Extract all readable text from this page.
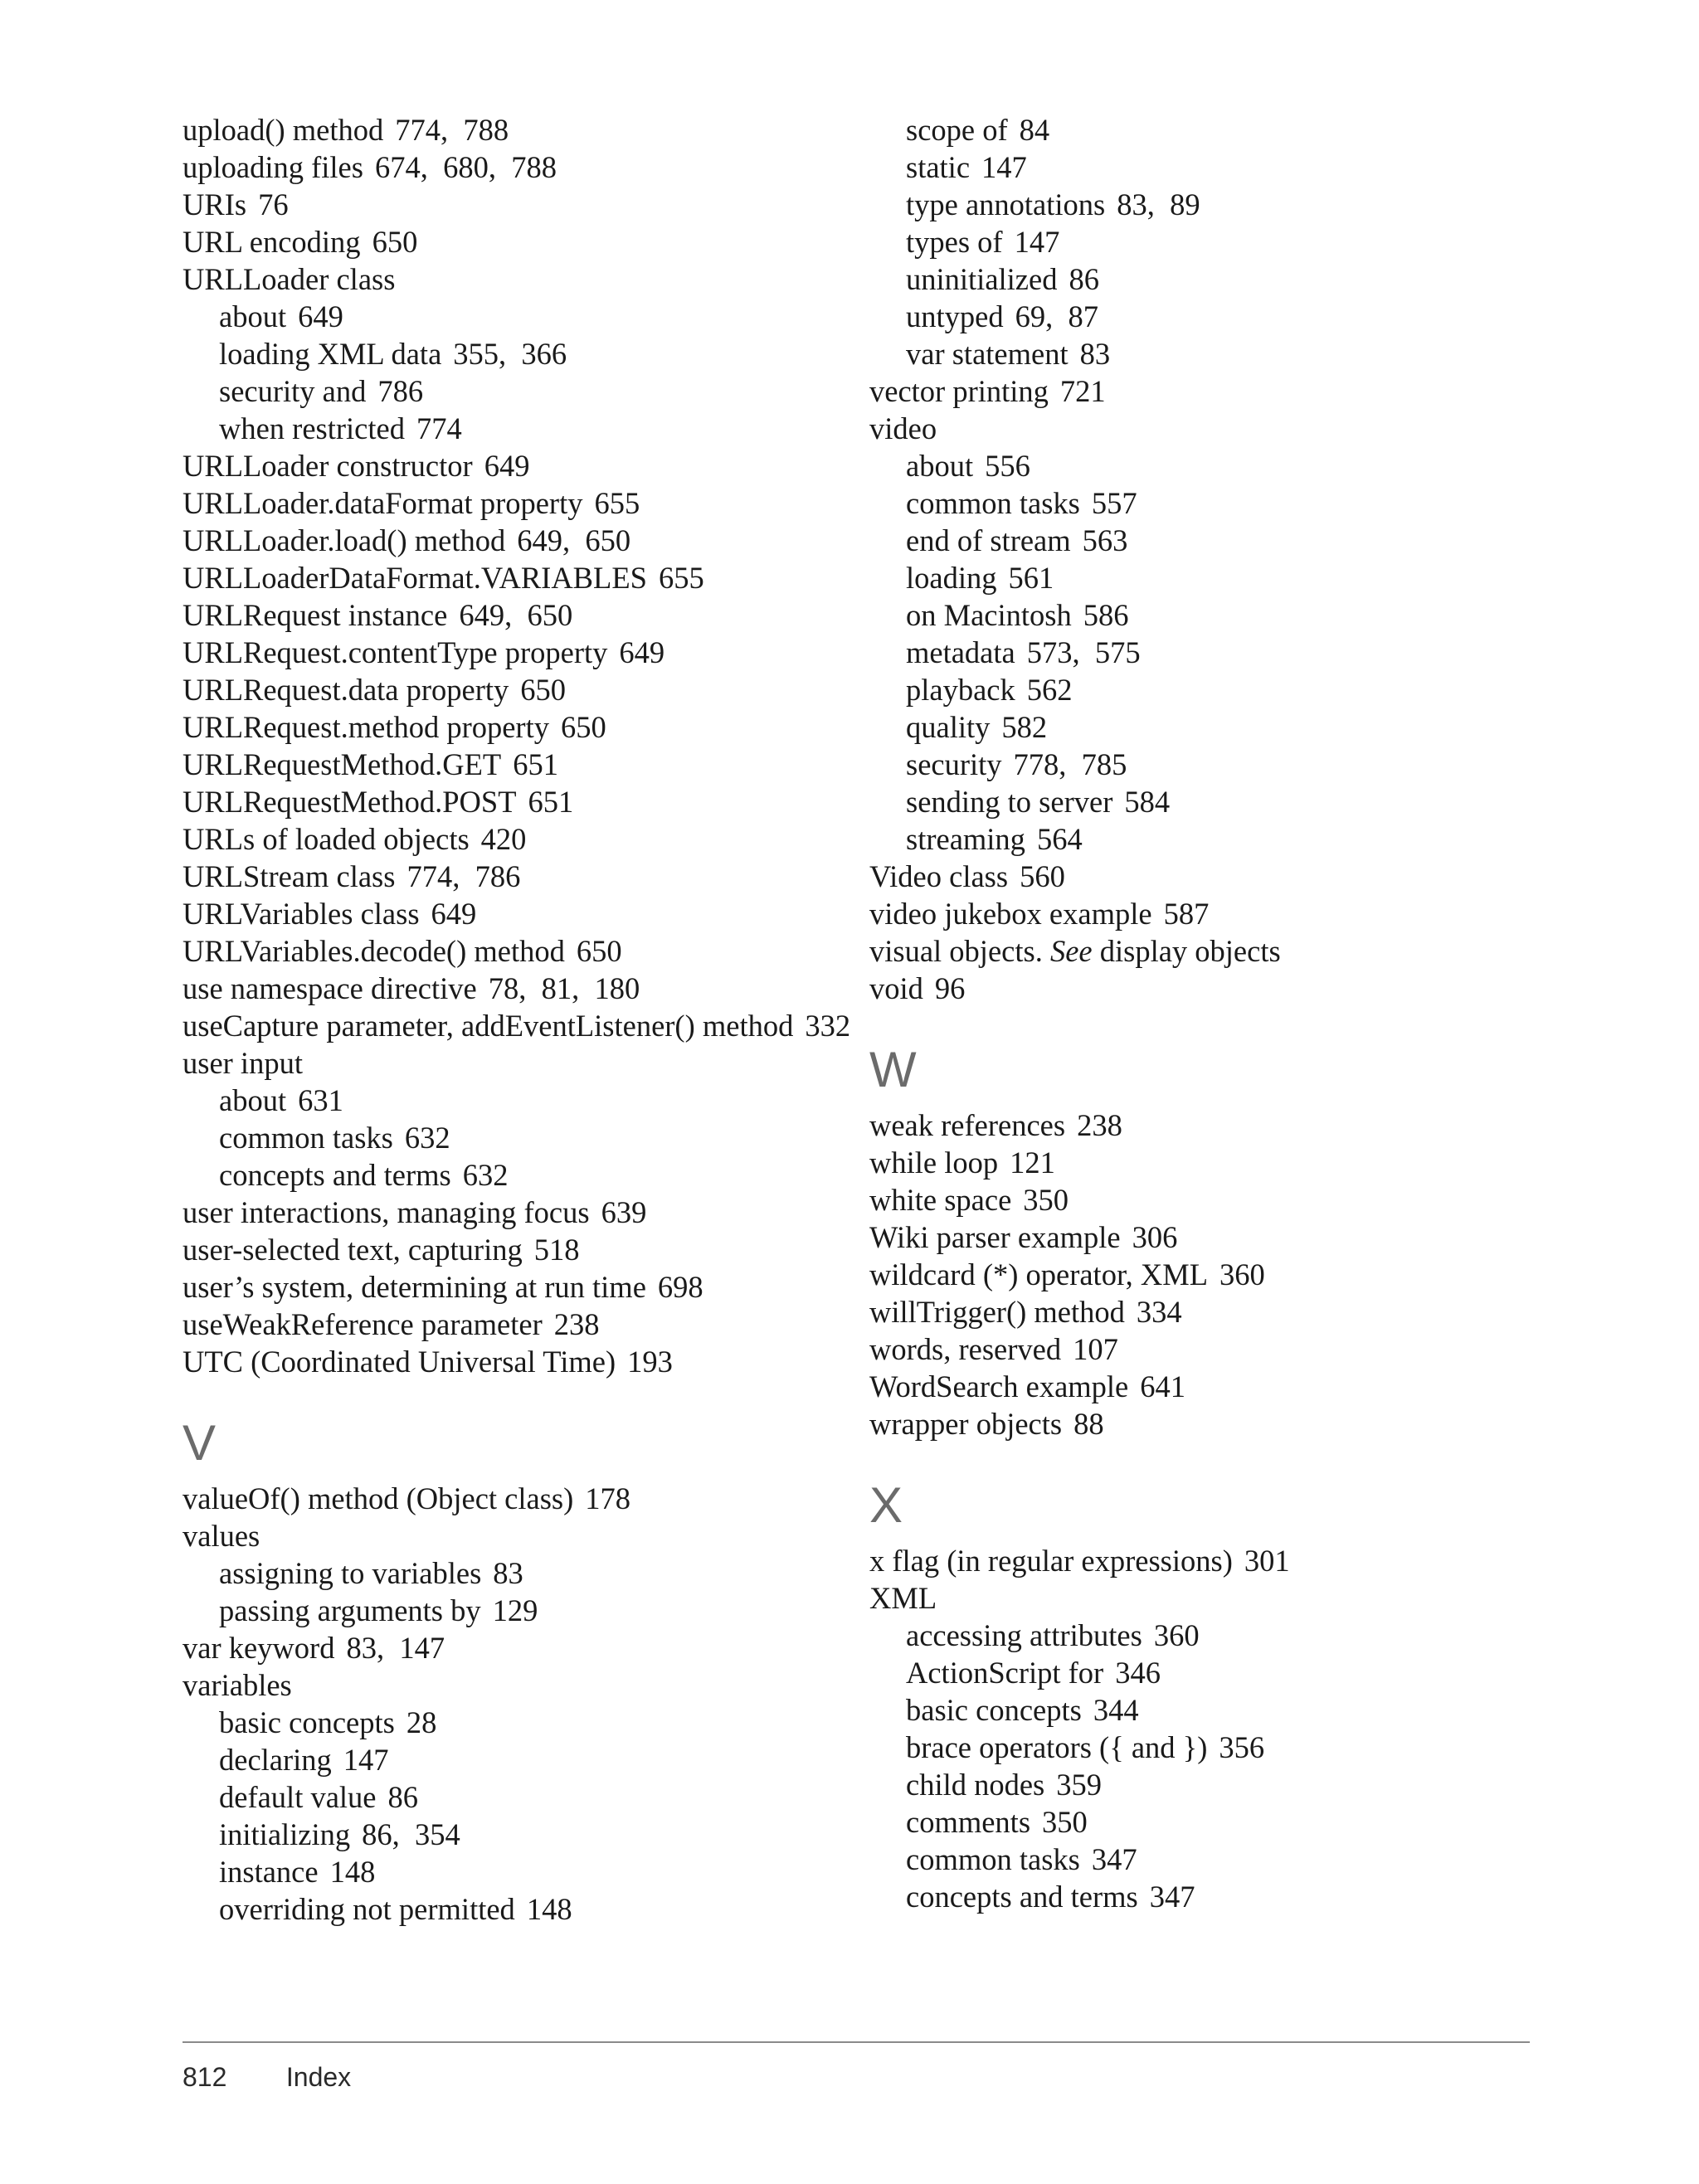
upload() method 774,  788
uploading files 674,  680,  788
URIs 76
URL encoding 650
URLLoader class
about 649
loading XML data 355,  366
security and 786
when restricted 774
URLLoader constructor 649
URLLoader.dataFormat property 655
URLLoader.load() method 649,  650
URLLoaderDataFormat.VARIABLES 655
URLRequest instance 649,  650
URLRequest.contentType property 649
URLRequest.data property 650
URLRequest.method property 650
URLRequestMethod.GET 651
URLRequestMethod.POST 651
URLs of loaded objects 420
URLStream class 774,  786
URLVariables class 649
URLVariables.decode() method 650
use namespace directive 78,  81,  180
useCapture parameter, addEventListener() method 332
user input
about 631
common tasks 632
concepts and terms 632
user interactions, managing focus 639
user-selected text, capturing 518
user’s system, determining at run time 698
useWeakReference parameter 238
UTC (Coordinated Universal Time) 193
V
valueOf() method (Object class) 178
values
assigning to variables 83
passing arguments by 129
var keyword 83,  147
variables
basic concepts 28
declaring 147
default value 86
initializing 86,  354
instance 148
overriding not permitted 148
scope of 84
static 147
type annotations 83,  89
types of 147
uninitialized 86
untyped 69,  87
var statement 83
vector printing 721
video
about 556
common tasks 557
end of stream 563
loading 561
on Macintosh 586
metadata 573,  575
playback 562
quality 582
security 778,  785
sending to server 584
streaming 564
Video class 560
video jukebox example 587
visual objects. See display objects
void 96
W
weak references 238
while loop 121
white space 350
Wiki parser example 306
wildcard (*) operator, XML 360
willTrigger() method 334
words, reserved 107
WordSearch example 641
wrapper objects 88
X
x flag (in regular expressions) 301
XML
accessing attributes 360
ActionScript for 346
basic concepts 344
brace operators ({ and }) 356
child nodes 359
comments 350
common tasks 347
concepts and terms 347
812 Index
